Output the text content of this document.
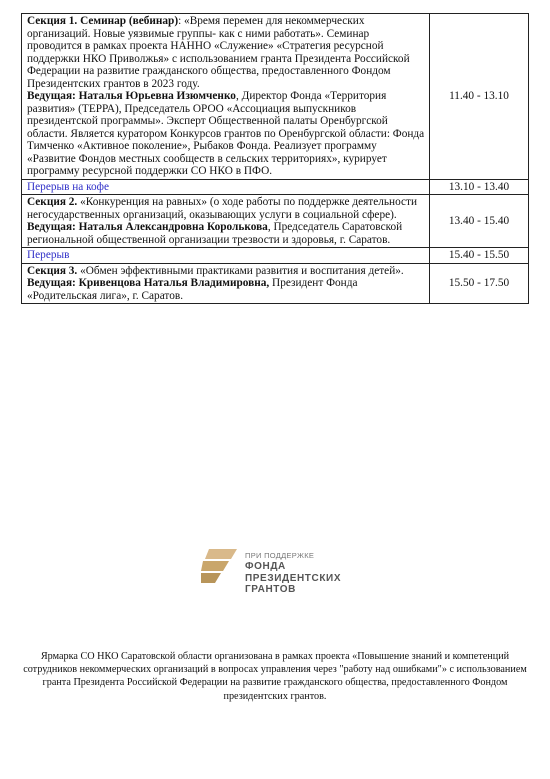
Секция 1. Семинар (вебинар): «Время перемен для некоммерческих организаций. Новые уязвимые группы- как с ними работать». Семинар проводится в рамках проекта НАННО «Служение» «Стратегия ресурсной поддержки НКО Приволжья» с использованием гранта Президента Российской Федерации на развитие гражданского общества, предоставленного Фондом Президентских грантов в 2023 году.
Ведущая: Наталья Юрьевна Изюмченко, Директор Фонда «Территория развития» (ТЕРРА), Председатель ОРОО «Ассоциация выпускников президентской программы». Эксперт Общественной палаты Оренбургской области. Является куратором Конкурсов грантов по Оренбургской области: Фонда Тимченко «Активное поколение», Рыбаков Фонда. Реализует программу «Развитие Фондов местных сообществ в сельских территориях», курирует программу ресурсной поддержки СО НКО в ПФО.	11.40 - 13.10
Перерыв на кофе	13.10 - 13.40
Секция 2. «Конкуренция на равных» (о ходе работы по поддержке деятельности негосударственных организаций, оказывающих услуги в социальной сфере).
Ведущая: Наталья Александровна Королькова, Председатель Саратовской региональной общественной организации трезвости и здоровья, г. Саратов.	13.40 - 15.40
Перерыв	15.40 - 15.50
Секция 3. «Обмен эффективными практиками развития и воспитания детей».
Ведущая: Кривенцова Наталья Владимировна, Президент Фонда «Родительская лига», г. Саратов.	15.50 - 17.50
ПРИ ПОДДЕРЖКЕ
ФОНДА
ПРЕЗИДЕНТСКИХ
ГРАНТОВ
Ярмарка СО НКО Саратовской области организована в рамках проекта «Повышение знаний и компетенций сотрудников некоммерческих организаций в вопросах управления через "работу над ошибками"» с использованием гранта Президента Российской Федерации на развитие гражданского общества, предоставленного Фондом президентских грантов.
